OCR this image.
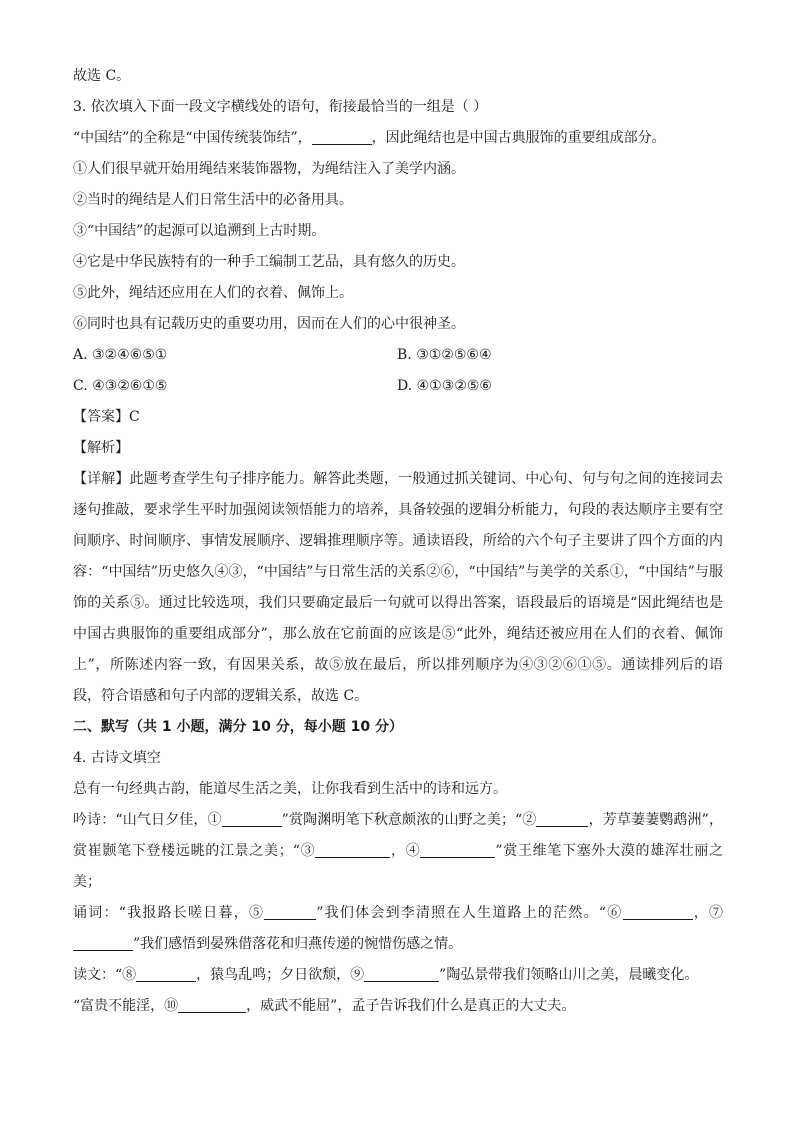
故选 C。
3. 依次填入下面一段文字横线处的语句，衔接最恰当的一组是（ ）
“中国结”的全称是“中国传统装饰结”，	，因此绳结也是中国古典服饰的重要组成部分。
①人们很早就开始用绳结来装饰器物，为绳结注入了美学内涵。
②当时的绳结是人们日常生活中的必备用具。
③“中国结”的起源可以追溯到上古时期。
④它是中华民族特有的一种手工编制工艺品，具有悠久的历史。
⑤此外，绳结还应用在人们的衣着、佩饰上。
⑥同时也具有记载历史的重要功用，因而在人们的心中很神圣。
A. ③②④⑥⑤①	B. ③①②⑤⑥④
C. ④③②⑥①⑤	D. ④①③②⑤⑥
【答案】C
【解析】
【详解】此题考查学生句子排序能力。解答此类题，一般通过抓关键词、中心句、句与句之间的连接词去逐句推敲，要求学生平时加强阅读领悟能力的培养，具备较强的逻辑分析能力，句段的表达顺序主要有空间顺序、时间顺序、事情发展顺序、逻辑推理顺序等。通读语段，所给的六个句子主要讲了四个方面的内容：“中国结”历史悠久④③，“中国结”与日常生活的关系②⑥，“中国结”与美学的关系①，“中国结”与服饰的关系⑤。通过比较选项，我们只要确定最后一句就可以得出答案，语段最后的语境是“因此绳结也是中国古典服饰的重要组成部分”，那么放在它前面的应该是⑤“此外，绳结还被应用在人们的衣着、佩饰上”，所陈述内容一致，有因果关系，故⑤放在最后，所以排列顺序为④③②⑥①⑤。通读排列后的语段，符合语感和句子内部的逻辑关系，故选 C。
二、默写（共 1 小题，满分 10 分，每小题 10 分）
4. 古诗文填空
总有一句经典古韵，能道尽生活之美，让你我看到生活中的诗和远方。
吟诗：“山气日夕佳，①	”赏陶渊明笔下秋意颇浓的山野之美；“②	，芳草萋萋鹦鹉洲”，赏崔颢笔下登楼远眺的江景之美；“③	，④	”赏王维笔下塞外大漠的雄浑壮丽之美；
诵词：“我报路长嗟日暮，⑤	”我们体会到李清照在人生道路上的茫然。“⑥	，⑦”我们感悟到晏殊借落花和归燕传递的惋惜伤感之情。
读文：“⑧	，猿鸟乱鸣；夕日欲颓，⑨	”陶弘景带我们领略山川之美，晨曦变化。
“富贵不能淫，⑩	，威武不能屈”，孟子告诉我们什么是真正的大丈夫。
